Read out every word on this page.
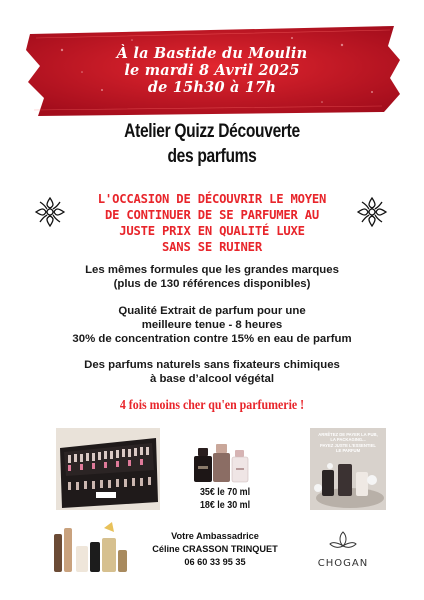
À la Bastide du Moulin
le mardi 8 Avril 2025
de 15h30 à 17h
Atelier Quizz Découverte
des parfums
L'OCCASION DE DÉCOUVRIR LE MOYEN
DE CONTINUER DE SE PARFUMER AU
JUSTE PRIX EN QUALITÉ LUXE
SANS SE RUINER
Les mêmes formules que les grandes marques
(plus de 130 références disponibles)
Qualité Extrait de parfum pour une
meilleure tenue - 8 heures
30% de concentration contre 15% en eau de parfum
Des parfums naturels sans fixateurs chimiques
à base d’alcool végétal
4 fois moins cher qu'en parfumerie !
35€ le 70 ml
18€ le 30 ml
ARRÊTEZ DE PAYER LA PUB,
LA PACKAGING...
PAYEZ JUSTE L'ESSENTIEL
LE PARFUM
Votre Ambassadrice
Céline CRASSON TRINQUET
06 60 33 95 35	CHOGAN
